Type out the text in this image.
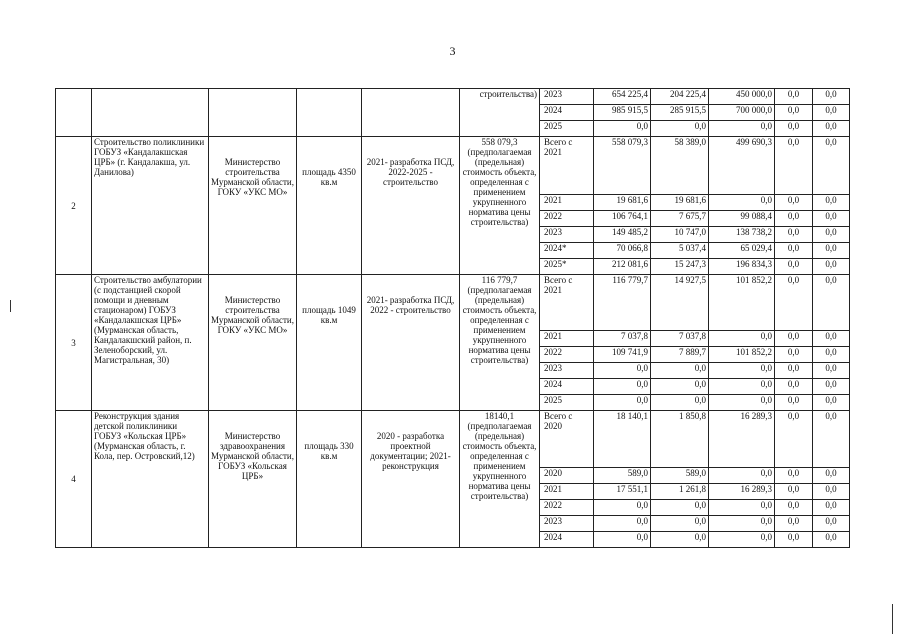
3
					строительства)	2023	654 225,4	204 225,4	450 000,0	0,0	0,0
						2024	985 915,5	285 915,5	700 000,0	0,0	0,0
						2025	0,0	0,0	0,0	0,0	0,0
2	Строительство поликлиники ГОБУЗ «Кандалакшская ЦРБ» (г. Кандалакша, ул. Данилова)	Министерство строительства Мурманской области, ГОКУ «УКС МО»	площадь 4350 кв.м	2021- разработка ПСД, 2022-2025 - строительство	558 079,3 (предполагаемая (предельная) стоимость объекта, определенная с применением укрупненного норматива цены строительства)	Всего с 2021	558 079,3	58 389,0	499 690,3	0,0	0,0
						2021	19 681,6	19 681,6	0,0	0,0	0,0
						2022	106 764,1	7 675,7	99 088,4	0,0	0,0
						2023	149 485,2	10 747,0	138 738,2	0,0	0,0
						2024*	70 066,8	5 037,4	65 029,4	0,0	0,0
						2025*	212 081,6	15 247,3	196 834,3	0,0	0,0
3	Строительство амбулатории (с подстанцией скорой помощи и дневным стационаром) ГОБУЗ «Кандалакшская ЦРБ» (Мурманская область, Кандалакшский район, п. Зеленоборский, ул. Магистральная, 30)	Министерство строительства Мурманской области, ГОКУ «УКС МО»	площадь 1049 кв.м	2021- разработка ПСД, 2022 - строительство	116 779,7 (предполагаемая (предельная) стоимость объекта, определенная с применением укрупненного норматива цены строительства)	Всего с 2021	116 779,7	14 927,5	101 852,2	0,0	0,0
						2021	7 037,8	7 037,8	0,0	0,0	0,0
						2022	109 741,9	7 889,7	101 852,2	0,0	0,0
						2023	0,0	0,0	0,0	0,0	0,0
						2024	0,0	0,0	0,0	0,0	0,0
						2025	0,0	0,0	0,0	0,0	0,0
4	Реконструкция здания детской поликлиники ГОБУЗ «Кольская ЦРБ» (Мурманская область, г. Кола, пер. Островский,12)	Министерство здравоохранения Мурманской области, ГОБУЗ «Кольская ЦРБ»	площадь 330 кв.м	2020 - разработка проектной документации; 2021- реконструкция	18140,1 (предполагаемая (предельная) стоимость объекта, определенная с применением укрупненного норматива цены строительства)	Всего с 2020	18 140,1	1 850,8	16 289,3	0,0	0,0
						2020	589,0	589,0	0,0	0,0	0,0
						2021	17 551,1	1 261,8	16 289,3	0,0	0,0
						2022	0,0	0,0	0,0	0,0	0,0
						2023	0,0	0,0	0,0	0,0	0,0
						2024	0,0	0,0	0,0	0,0	0,0
